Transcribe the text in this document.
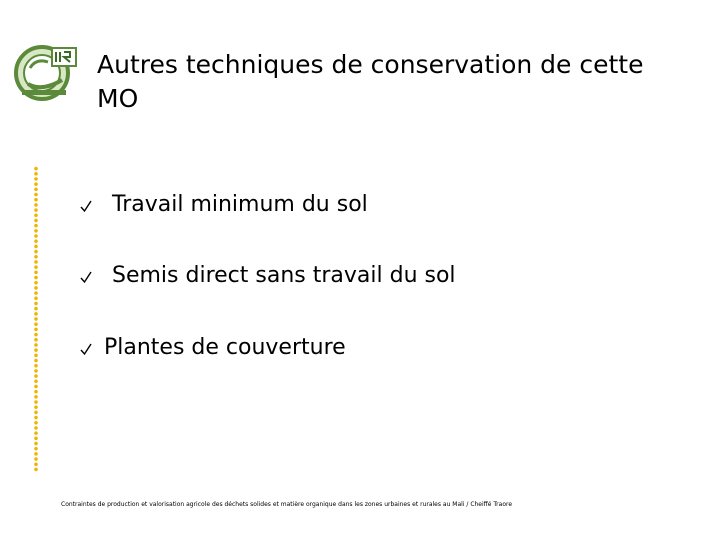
Autres techniques de conservation de cette MO
Travail minimum du sol
Semis direct sans travail du sol
Plantes de couverture
Contraintes de production et valorisation agricole des déchets solides et matière organique dans les zones urbaines et rurales au Mali / Cheiffé Traore
